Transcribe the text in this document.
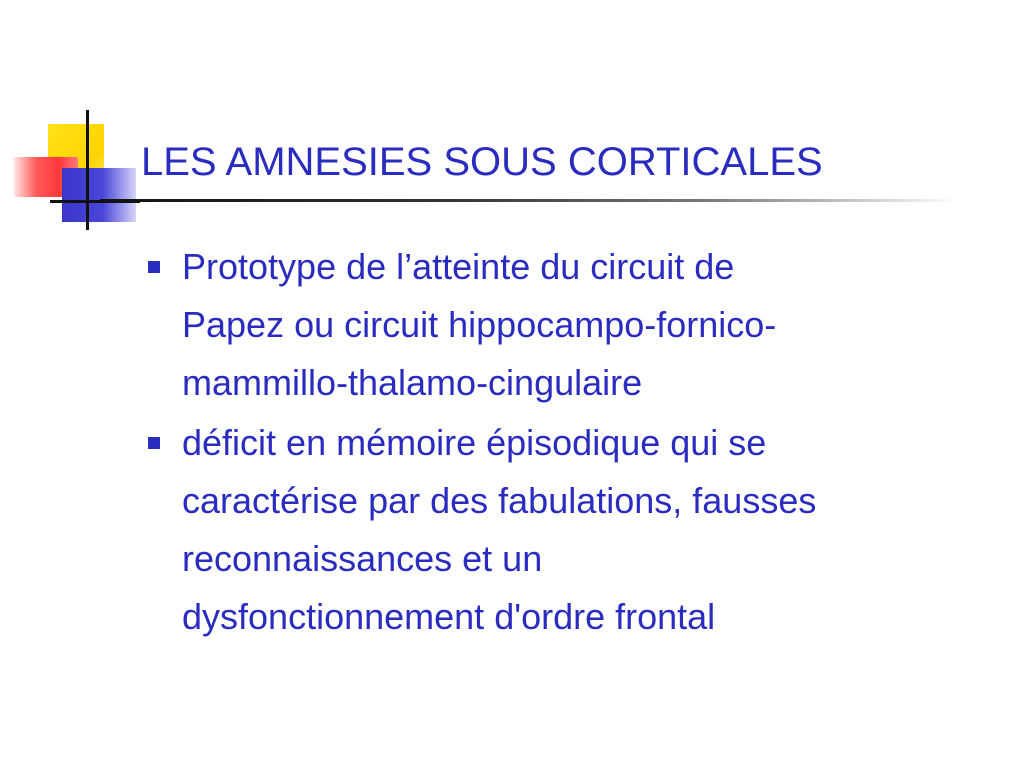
LES AMNESIES SOUS CORTICALES
Prototype de l’atteinte du circuit de
Papez ou circuit hippocampo-fornico-
mammillo-thalamo-cingulaire
déficit en mémoire épisodique qui se
caractérise par des fabulations, fausses
reconnaissances et un
dysfonctionnement d'ordre frontal
